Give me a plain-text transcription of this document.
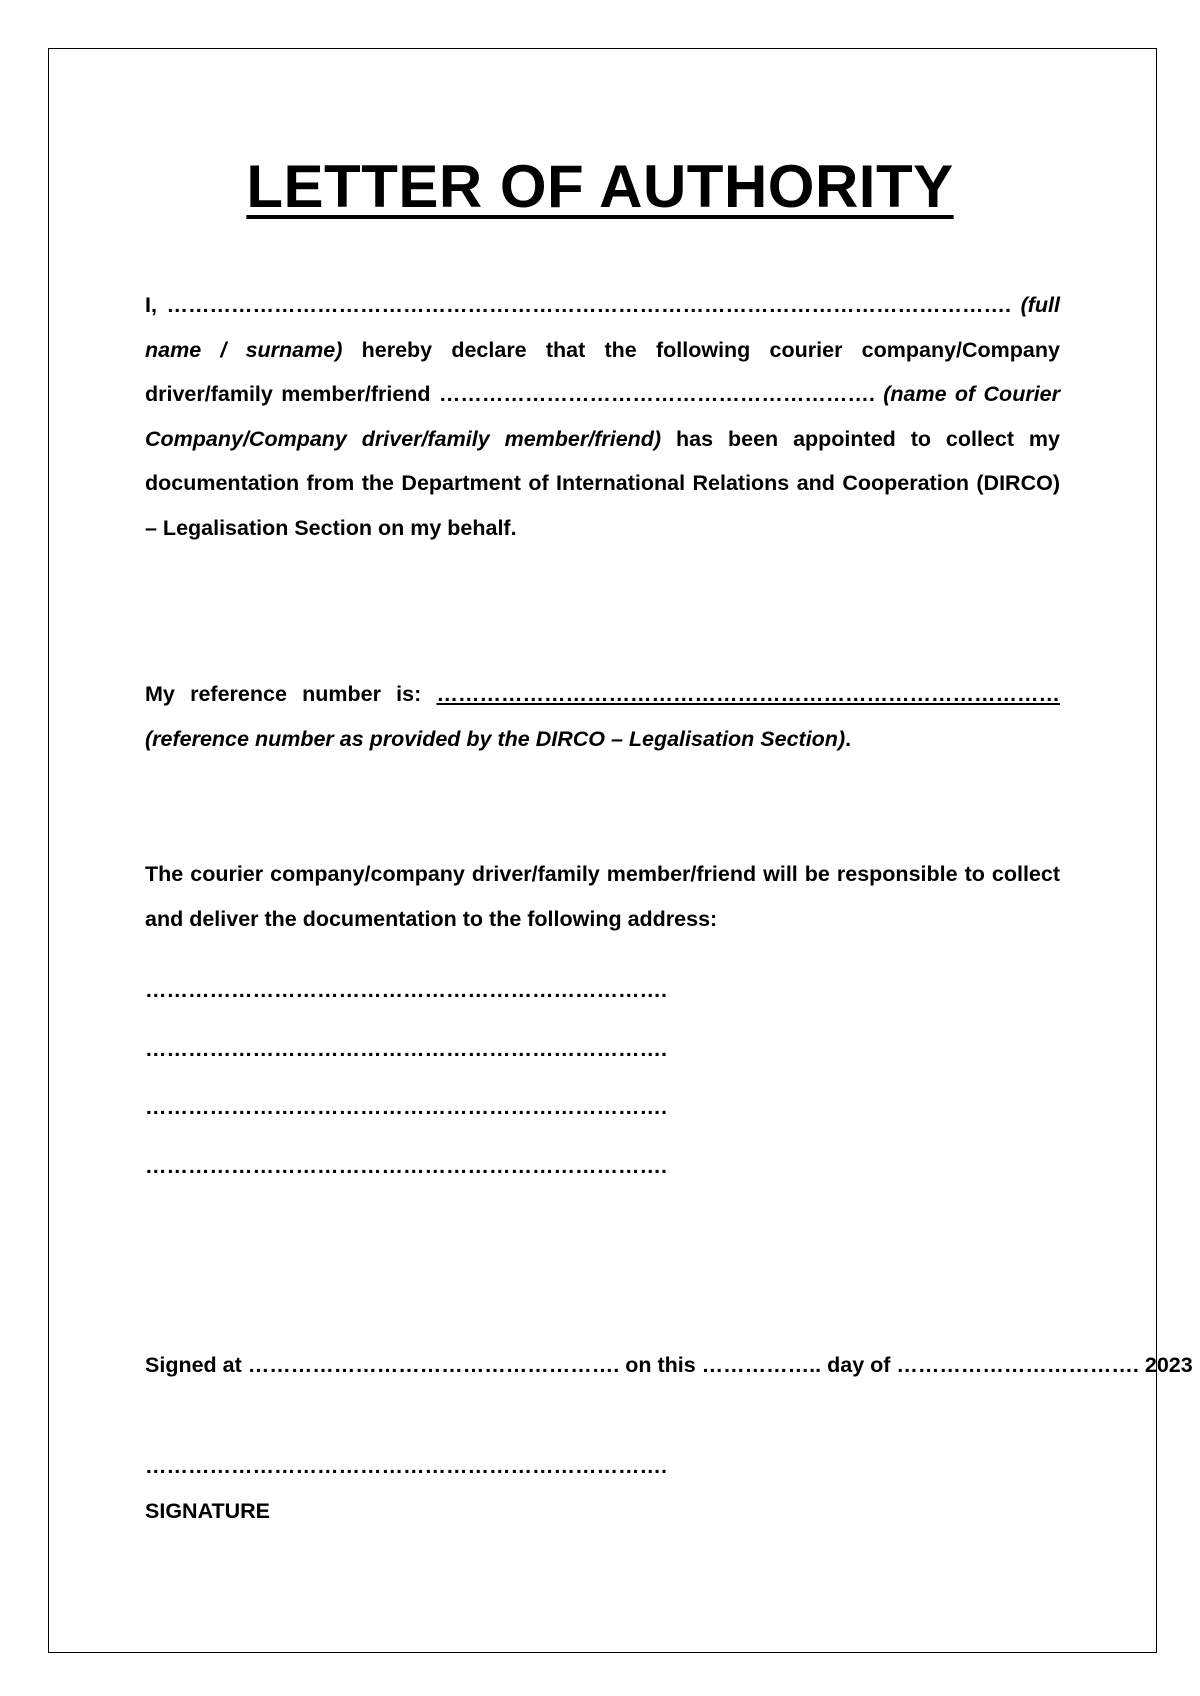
LETTER OF AUTHORITY

I, ………………………………………………………………………………………………………. (full name / surname) hereby declare that the following courier company/Company driver/family member/friend ……………………………………………………. (name of Courier Company/Company driver/family member/friend) has been appointed to collect my documentation from the Department of International Relations and Cooperation (DIRCO) – Legalisation Section on my behalf.

My reference number is: …………………………………………………………………………… (reference number as provided by the DIRCO – Legalisation Section).

The courier company/company driver/family member/friend will be responsible to collect and deliver the documentation to the following address:

……………………………………………………………….
……………………………………………………………….
……………………………………………………………….
……………………………………………………………….
Signed at ……………………………………………. on this …………….. day of ……………………………. 2023
……………………………………………………………….
SIGNATURE
